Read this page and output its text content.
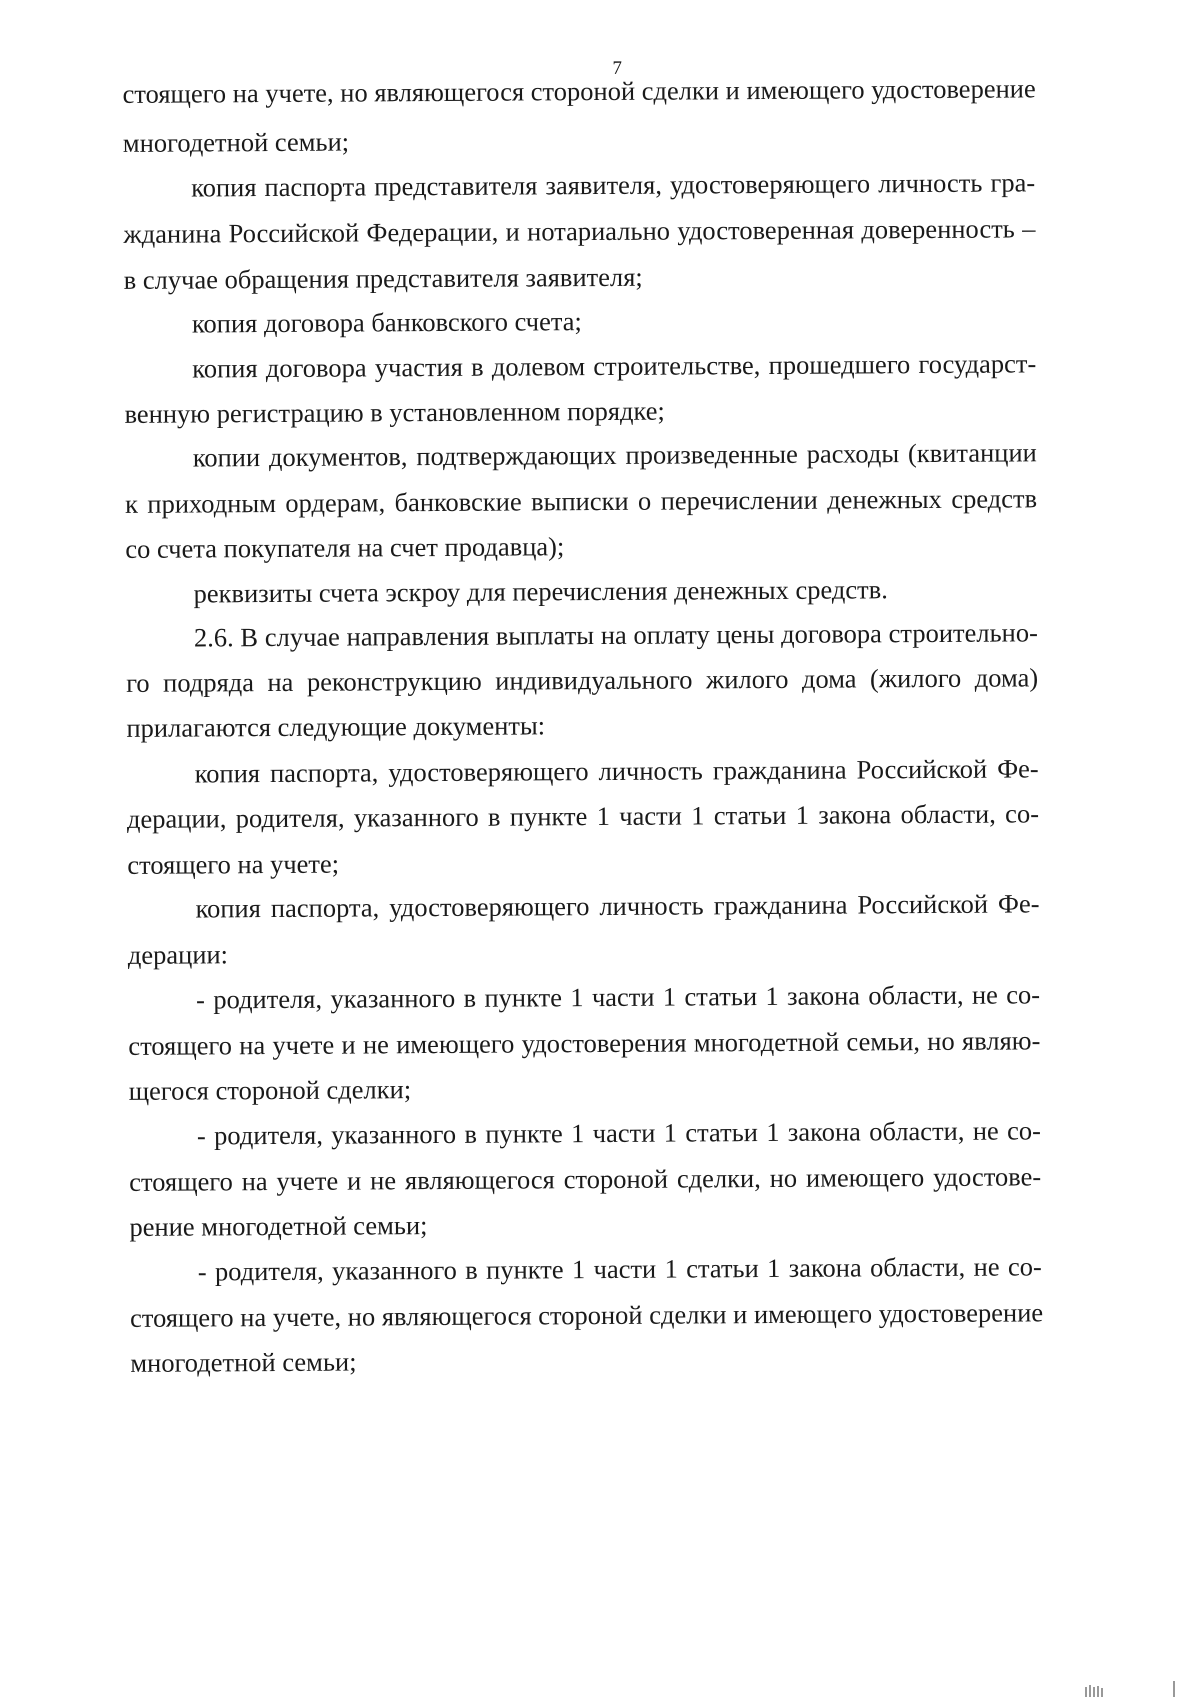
7
стоящего на учете, но являющегося стороной сделки и имеющего удостоверение
многодетной семьи;
копия паспорта представителя заявителя, удостоверяющего личность гра-
жданина Российской Федерации, и нотариально удостоверенная доверенность –
в случае обращения представителя заявителя;
копия договора банковского счета;
копия договора участия в долевом строительстве, прошедшего государст-
венную регистрацию в установленном порядке;
копии документов, подтверждающих произведенные расходы (квитанции
к приходным ордерам, банковские выписки о перечислении денежных средств
со счета покупателя на счет продавца);
реквизиты счета эскроу для перечисления денежных средств.
2.6. В случае направления выплаты на оплату цены договора строительно-
го подряда на реконструкцию индивидуального жилого дома (жилого дома)
прилагаются следующие документы:
копия паспорта, удостоверяющего личность гражданина Российской Фе-
дерации, родителя, указанного в пункте 1 части 1 статьи 1 закона области, со-
стоящего на учете;
копия паспорта, удостоверяющего личность гражданина Российской Фе-
дерации:
- родителя, указанного в пункте 1 части 1 статьи 1 закона области, не со-
стоящего на учете и не имеющего удостоверения многодетной семьи, но являю-
щегося стороной сделки;
- родителя, указанного в пункте 1 части 1 статьи 1 закона области, не со-
стоящего на учете и не являющегося стороной сделки, но имеющего удостове-
рение многодетной семьи;
- родителя, указанного в пункте 1 части 1 статьи 1 закона области, не со-
стоящего на учете, но являющегося стороной сделки и имеющего удостоверение
многодетной семьи;
